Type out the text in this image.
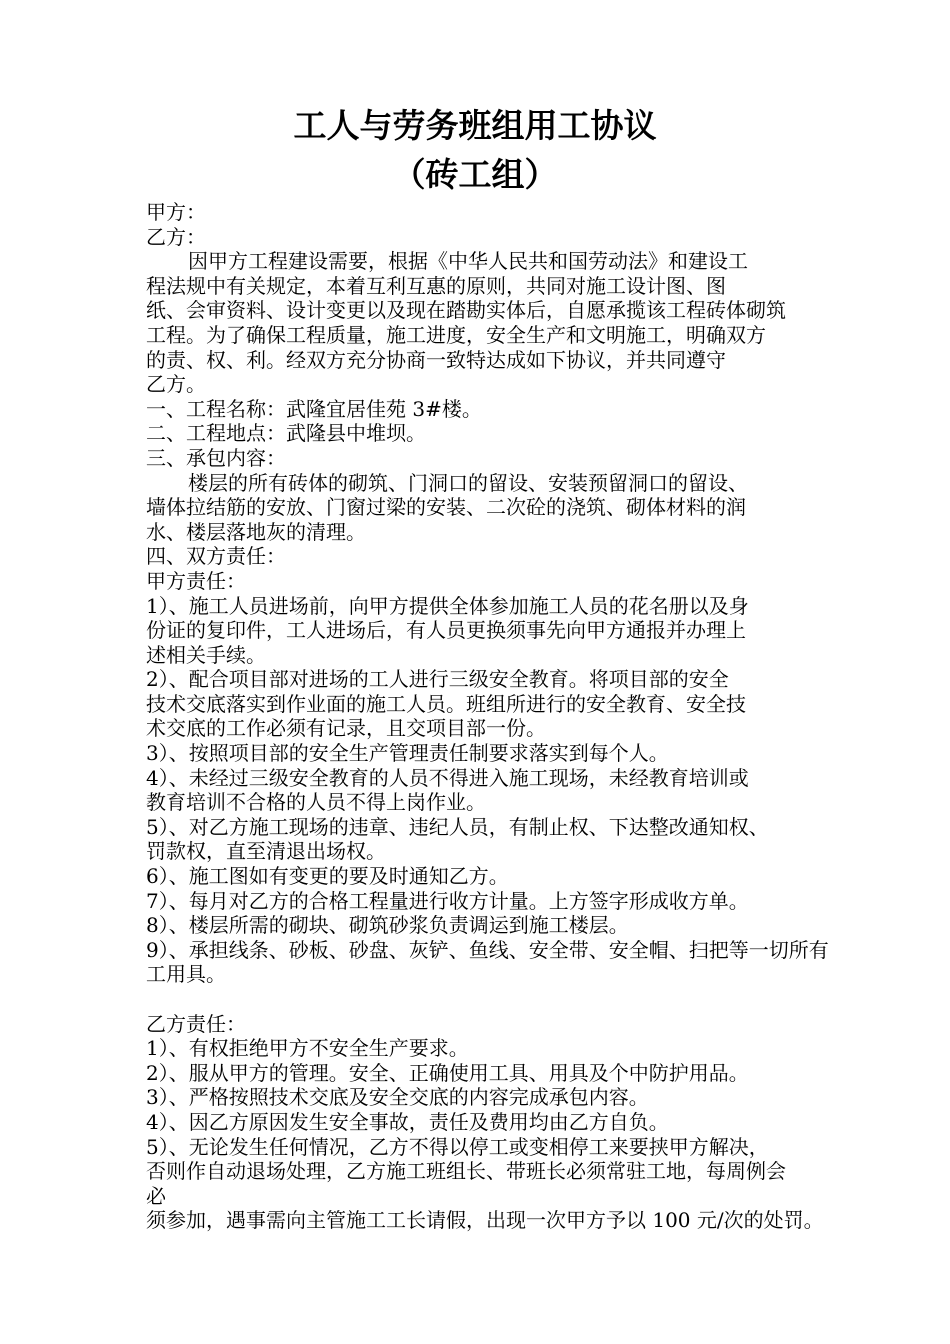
工人与劳务班组用工协议
（砖工组）
甲方：
乙方：
因甲方工程建设需要，根据《中华人民共和国劳动法》和建设工
程法规中有关规定，本着互利互惠的原则，共同对施工设计图、图
纸、会审资料、设计变更以及现在踏勘实体后，自愿承揽该工程砖体砌筑
工程。为了确保工程质量，施工进度，安全生产和文明施工，明确双方
的责、权、利。经双方充分协商一致特达成如下协议，并共同遵守
乙方。
一、工程名称：武隆宜居佳苑 3#楼。
二、工程地点：武隆县中堆坝。
三、承包内容：
楼层的所有砖体的砌筑、门洞口的留设、安装预留洞口的留设、
墙体拉结筋的安放、门窗过梁的安装、二次砼的浇筑、砌体材料的润
水、楼层落地灰的清理。
四、双方责任：
甲方责任：
1）、施工人员进场前，向甲方提供全体参加施工人员的花名册以及身
份证的复印件，工人进场后，有人员更换须事先向甲方通报并办理上
述相关手续。
2）、配合项目部对进场的工人进行三级安全教育。将项目部的安全
技术交底落实到作业面的施工人员。班组所进行的安全教育、安全技
术交底的工作必须有记录，且交项目部一份。
3）、按照项目部的安全生产管理责任制要求落实到每个人。
4）、未经过三级安全教育的人员不得进入施工现场，未经教育培训或
教育培训不合格的人员不得上岗作业。
5）、对乙方施工现场的违章、违纪人员，有制止权、下达整改通知权、
罚款权，直至清退出场权。
6）、施工图如有变更的要及时通知乙方。
7）、每月对乙方的合格工程量进行收方计量。上方签字形成收方单。
8）、楼层所需的砌块、砌筑砂浆负责调运到施工楼层。
9）、承担线条、砂板、砂盘、灰铲、鱼线、安全带、安全帽、扫把等一切所有
工用具。
乙方责任：
1）、有权拒绝甲方不安全生产要求。
2）、服从甲方的管理。安全、正确使用工具、用具及个中防护用品。
3）、严格按照技术交底及安全交底的内容完成承包内容。
4）、因乙方原因发生安全事故，责任及费用均由乙方自负。
5）、无论发生任何情况，乙方不得以停工或变相停工来要挟甲方解决，
否则作自动退场处理，乙方施工班组长、带班长必须常驻工地，每周例会
必
须参加，遇事需向主管施工工长请假，出现一次甲方予以 100 元/次的处罚。
